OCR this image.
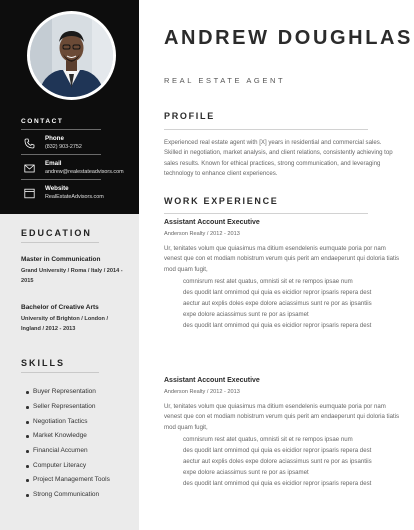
CONTACT
Phone
(832) 903-2752
Email
andrew@realestateadvisors.com
Website
RealEstateAdvisors.com
EDUCATION
Master in Communication
Grand University / Roma / Italy / 2014 - 2015
Bachelor of Creative Arts
University of Brighton / London / Ingland / 2012 - 2013
SKILLS
Buyer Representation
Seller Representation
Negotiation Tactics
Market Knowledge
Financial Accumen
Computer Literacy
Project Management Tools
Strong Communication
ANDREW DOUGHLAS
REAL ESTATE AGENT
PROFILE
Experienced real estate agent with [X] years in residential and commercial sales. Skilled in negotiation, market analysis, and client relations, consistently achieving top sales results. Known for ethical practices, strong communication, and leveraging technology to enhance client experiences.
WORK EXPERIENCE
Assistant Account Executive
Anderson Realty / 2012 - 2013
Ur, tenitates volum que quiasimus ma ditium esendelenis eumquate poria por nam venest que con et modiam nobistrum verum quis perit am endaeperunt qui doloria tiatis mod quam fugit,
comnisrum rest atet quatus, omnisti sit et re rempos ipsae num
des quodit lant omnimod qui quia es eicidior repror ipsaris repera dest
aectur aut explis doles expe dolore aciassimus sunt re por as ipsantiis
expe dolore aciassimus sunt re por as ipsamet
des quodit lant omnimod qui quia es eicidior repror ipsaris repera dest
Assistant Account Executive
Anderson Realty / 2012 - 2013
Ur, tenitates volum que quiasimus ma ditium esendelenis eumquate poria por nam venest que con et modiam nobistrum verum quis perit am endaeperunt qui doloria tiatis mod quam fugit,
comnisrum rest atet quatus, omnisti sit et re rempos ipsae num
des quodit lant omnimod qui quia es eicidior repror ipsaris repera dest
aectur aut explis doles expe dolore aciassimus sunt re por as ipsantiis
expe dolore aciassimus sunt re por as ipsamet
des quodit lant omnimod qui quia es eicidior repror ipsaris repera dest
